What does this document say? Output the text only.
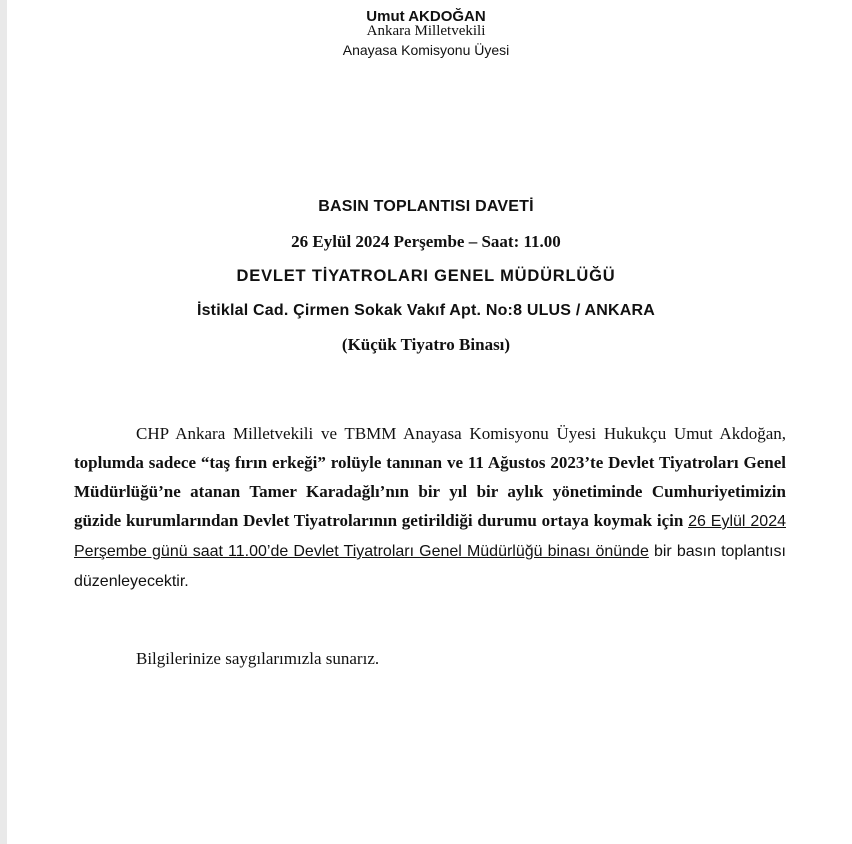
Umut AKDOĞAN
Ankara Milletvekili
Anayasa Komisyonu Üyesi
BASIN TOPLANTISI DAVETİ
26 Eylül 2024 Perşembe – Saat: 11.00
DEVLET TİYATROLARI GENEL MÜDÜRLÜĞÜ
İstiklal Cad. Çirmen Sokak Vakıf Apt. No:8 ULUS / ANKARA
(Küçük Tiyatro Binası)
CHP Ankara Milletvekili ve TBMM Anayasa Komisyonu Üyesi Hukukçu Umut Akdoğan, toplumda sadece “taş fırın erkeği” rolüyle tanınan ve 11 Ağustos 2023’te Devlet Tiyatroları Genel Müdürlüğü’ne atanan Tamer Karadağlı’nın bir yıl bir aylık yönetiminde Cumhuriyetimizin güzide kurumlarından Devlet Tiyatrolarının getirildiği durumu ortaya koymak için 26 Eylül 2024 Perşembe günü saat 11.00’de Devlet Tiyatroları Genel Müdürlüğü binası önünde bir basın toplantısı düzenleyecektir.
Bilgilerinize saygılarımızla sunarız.
